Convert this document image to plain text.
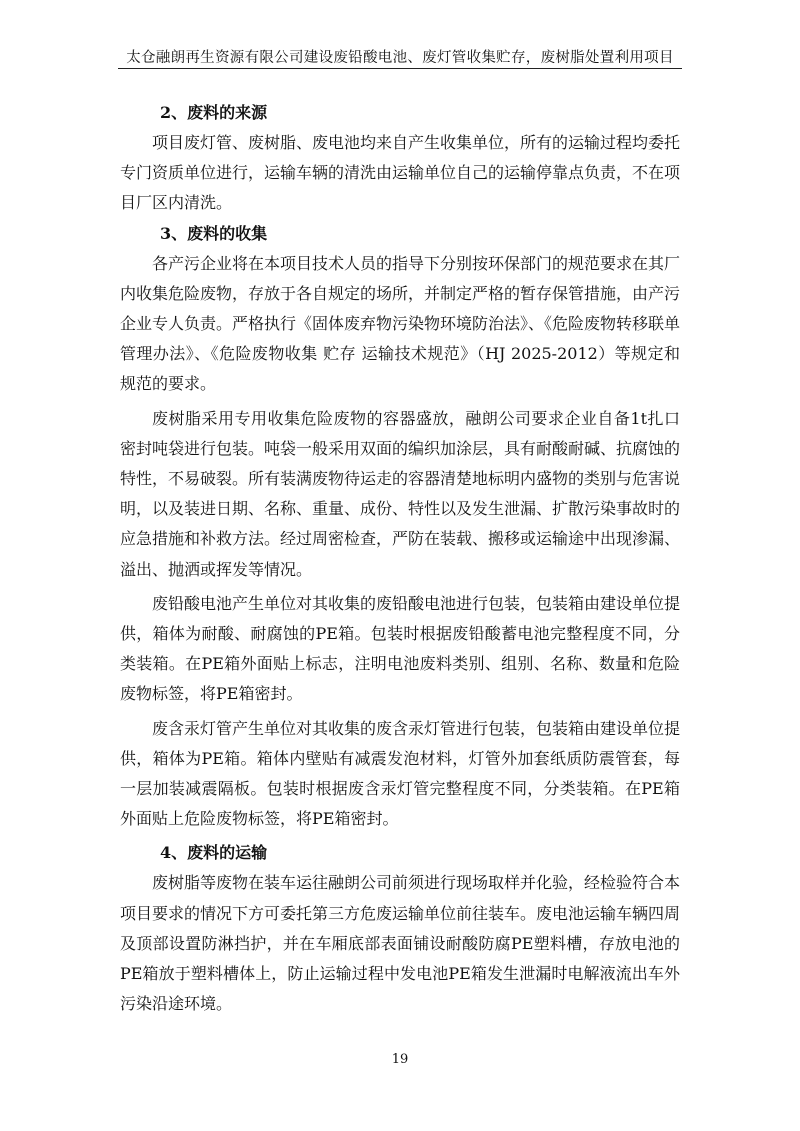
太仓融朗再生资源有限公司建设废铅酸电池、废灯管收集贮存，废树脂处置利用项目
2、废料的来源

项目废灯管、废树脂、废电池均来自产生收集单位，所有的运输过程均委托专门资质单位进行，运输车辆的清洗由运输单位自己的运输停靠点负责，不在项目厂区内清洗。

3、废料的收集

各产污企业将在本项目技术人员的指导下分别按环保部门的规范要求在其厂内收集危险废物，存放于各自规定的场所，并制定严格的暂存保管措施，由产污企业专人负责。严格执行《固体废弃物污染物环境防治法》、《危险废物转移联单管理办法》、《危险废物收集 贮存 运输技术规范》（HJ 2025-2012）等规定和规范的要求。

废树脂采用专用收集危险废物的容器盛放，融朗公司要求企业自备1t扎口密封吨袋进行包装。吨袋一般采用双面的编织加涂层，具有耐酸耐碱、抗腐蚀的特性，不易破裂。所有装满废物待运走的容器清楚地标明内盛物的类别与危害说明，以及装进日期、名称、重量、成份、特性以及发生泄漏、扩散污染事故时的应急措施和补救方法。经过周密检查，严防在装载、搬移或运输途中出现渗漏、溢出、抛洒或挥发等情况。

废铅酸电池产生单位对其收集的废铅酸电池进行包装，包装箱由建设单位提供，箱体为耐酸、耐腐蚀的PE箱。包装时根据废铅酸蓄电池完整程度不同，分类装箱。在PE箱外面贴上标志，注明电池废料类别、组别、名称、数量和危险废物标签，将PE箱密封。

废含汞灯管产生单位对其收集的废含汞灯管进行包装，包装箱由建设单位提供，箱体为PE箱。箱体内壁贴有减震发泡材料，灯管外加套纸质防震管套，每一层加装减震隔板。包装时根据废含汞灯管完整程度不同，分类装箱。在PE箱外面贴上危险废物标签，将PE箱密封。

4、废料的运输

废树脂等废物在装车运往融朗公司前须进行现场取样并化验，经检验符合本项目要求的情况下方可委托第三方危废运输单位前往装车。废电池运输车辆四周及顶部设置防淋挡护，并在车厢底部表面铺设耐酸防腐PE塑料槽，存放电池的PE箱放于塑料槽体上，防止运输过程中发电池PE箱发生泄漏时电解液流出车外污染沿途环境。

19
